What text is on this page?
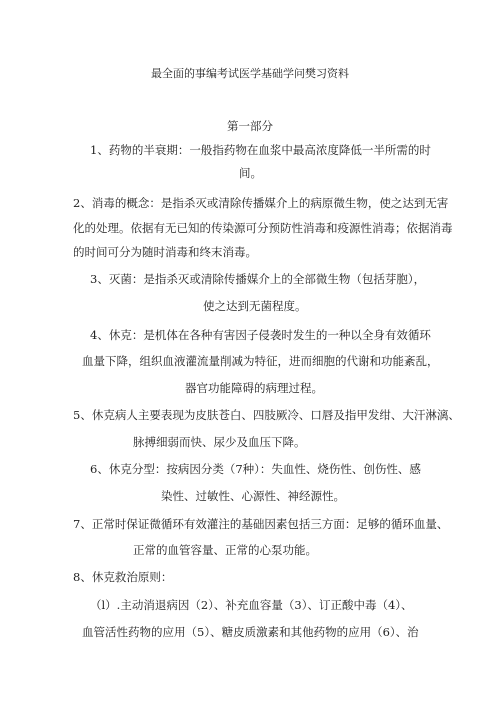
最全面的事编考试医学基础学问樊习资料
第一部分
1、药物的半衰期：一般指药物在血浆中最高浓度降低一半所需的时
间。
2、消毒的概念：是指杀灭或清除传播媒介上的病原微生物，使之达到无害
化的处理。依据有无已知的传染源可分预防性消毒和疫源性消毒；依据消毒
的时间可分为随时消毒和终末消毒。
3、灭菌：是指杀灭或清除传播媒介上的全部微生物（包括芽胞），
使之达到无菌程度。
4、休克：是机体在各种有害因子侵袭时发生的一种以全身有效循环
血量下降，组织血液灌流量削减为特征，进而细胞的代谢和功能紊乱，
器官功能障碍的病理过程。
5、休克病人主要表现为皮肤苍白、四肢厥冷、口唇及指甲发绀、大汗淋漓、
脉搏细弱而快、尿少及血压下降。
6、休克分型：按病因分类（7种）：失血性、烧伤性、创伤性、感
染性、过敏性、心源性、神经源性。
7、正常时保证微循环有效灌注的基础因素包括三方面：足够的循环血量、
正常的血管容量、正常的心泵功能。
8、休克救治原则：
（l）.主动消退病因（2）、补充血容量（3）、订正酸中毒（4）、
血管活性药物的应用（5）、糖皮质激素和其他药物的应用（6）、治
